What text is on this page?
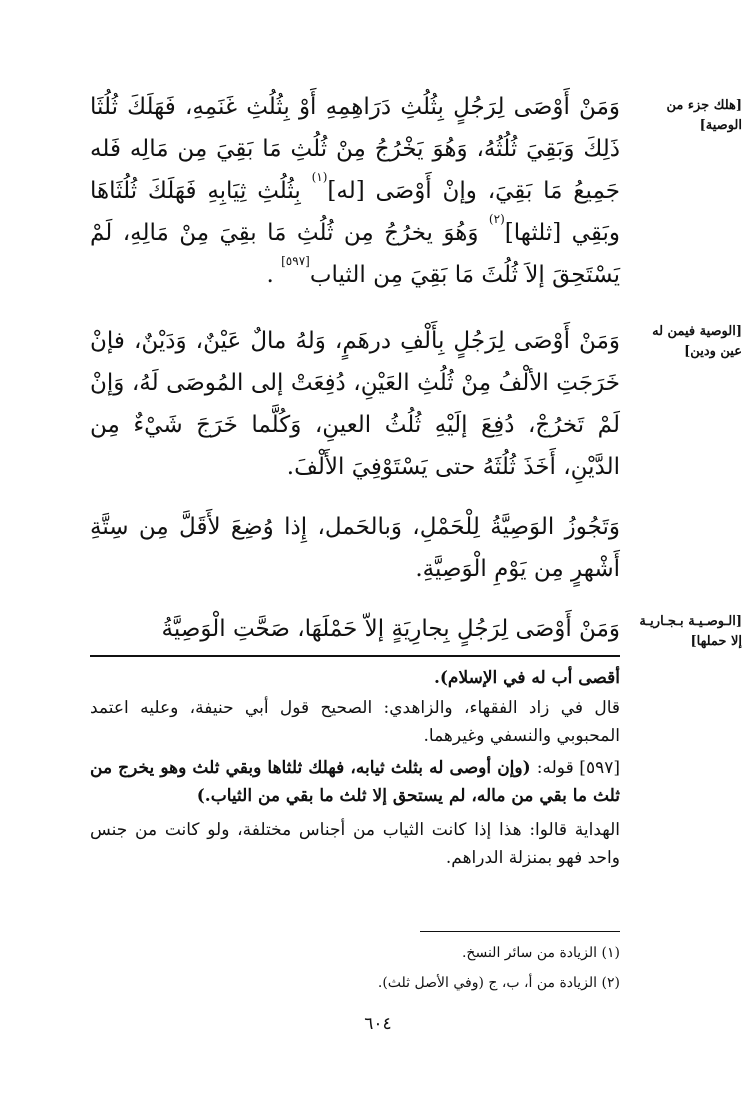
[هلك جزء من الوصية]
[الوصية فيمن له عين ودين]
[الـوصـيـة بـجـاريـة إلا حملها]

وَمَنْ أَوْصَى لِرَجُلٍ بِثُلُثِ دَرَاهِمِهِ أَوْ بِثُلُثِ غَنَمِهِ، فَهَلَكَ ثُلُثَا ذَلِكَ وَبَقِيَ ثُلُثُهُ، وَهُوَ يَخْرُجُ مِنْ ثُلُثِ مَا بَقِيَ مِن مَالِه فَله جَمِيعُ مَا بَقِيَ، وإنْ أَوْصَى [له]$^{(١)}$ بِثُلُثِ ثِيَابِهِ فَهَلَكَ ثُلُثَاهَا وبَقِي [ثلثها]$^{(٢)}$ وَهُوَ يخرُجُ مِن ثُلُثِ مَا بقِيَ مِنْ مَالِهِ، لَمْ يَسْتَحِقَ إلاَ ثُلُثَ مَا بَقِيَ مِن الثياب[٥٩٧] .

وَمَنْ أَوْصَى لِرَجُلٍ بِأَلْفِ درهَمٍ، وَلهُ مالٌ عَيْنٌ، وَدَيْنٌ، فإنْ خَرَجَتِ الألْفُ مِنْ ثُلُثِ العَيْنِ، دُفِعَتْ إلى المُوصَى لَهُ، وَإنْ لَمْ تَخرُجْ، دُفِعَ إلَيْهِ ثُلُثُ العينِ، وَكُلَّما خَرَجَ شَيْءٌ مِن الدَّيْنِ، أَخَذَ ثُلُثَهُ حتى يَسْتَوْفِيَ الأَلْفَ.

وَتَجُوزُ الوَصِيَّةُ لِلْحَمْلِ، وَبالحَمل، إِذا وُضِعَ لأَقَلَّ مِن سِتَّةِ أَشْهرٍ مِن يَوْمِ الْوَصِيَّةِ.

وَمَنْ أَوْصَى لِرَجُلٍ بِجارِيَةٍ إلاّ حَمْلَهَا، صَحَّتِ الْوَصِيَّةُ

أقصى أب له في الإسلام).

قال في زاد الفقهاء، والزاهدي: الصحيح قول أبي حنيفة، وعليه اعتمد المحبوبي والنسفي وغيرهما.

[٥٩٧] قوله: (وإن أوصى له بثلث ثيابه، فهلك ثلثاها وبقي ثلث وهو يخرج من ثلث ما بقي من ماله، لم يستحق إلا ثلث ما بقي من الثياب.)

الهداية قالوا: هذا إذا كانت الثياب من أجناس مختلفة، ولو كانت من جنس واحد فهو بمنزلة الدراهم.

(١) الزيادة من سائر النسخ.

(٢) الزيادة من أ، ب، ج (وفي الأصل ثلث).

٦٠٤
